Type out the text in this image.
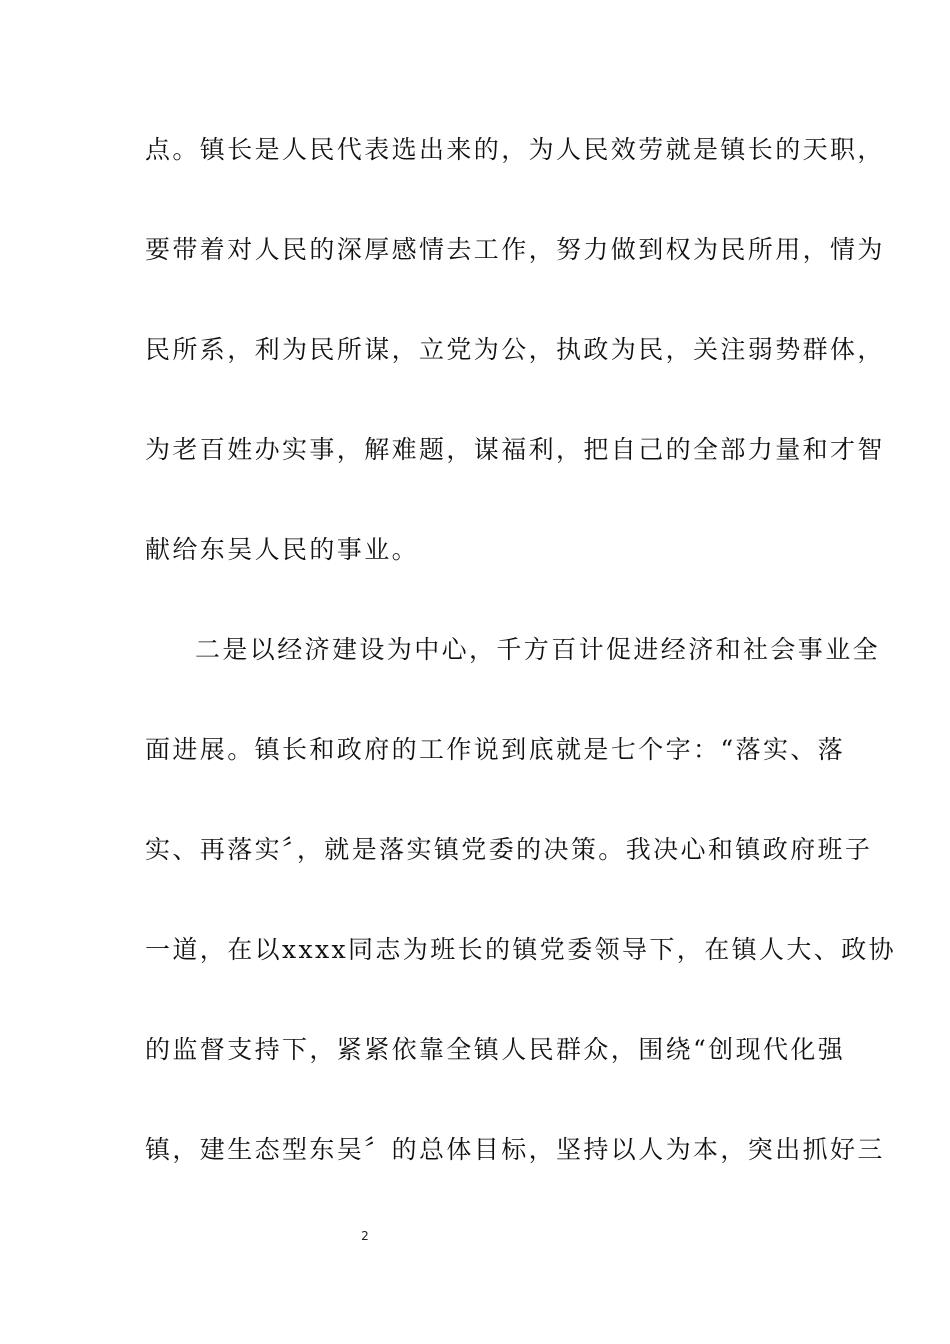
点。镇长是人民代表选出来的，为人民效劳就是镇长的天职，
要带着对人民的深厚感情去工作，努力做到权为民所用，情为
民所系，利为民所谋，立党为公，执政为民，关注弱势群体，
为老百姓办实事，解难题，谋福利，把自己的全部力量和才智
献给东吴人民的事业。
二是以经济建设为中心，千方百计促进经济和社会事业全
面进展。镇长和政府的工作说到底就是七个字：“落实、落
实、再落实〞，就是落实镇党委的决策。我决心和镇政府班子
一道，在以xxxx同志为班长的镇党委领导下，在镇人大、政协
的监督支持下，紧紧依靠全镇人民群众，围绕“创现代化强
镇，建生态型东吴〞的总体目标，坚持以人为本，突出抓好三
2
